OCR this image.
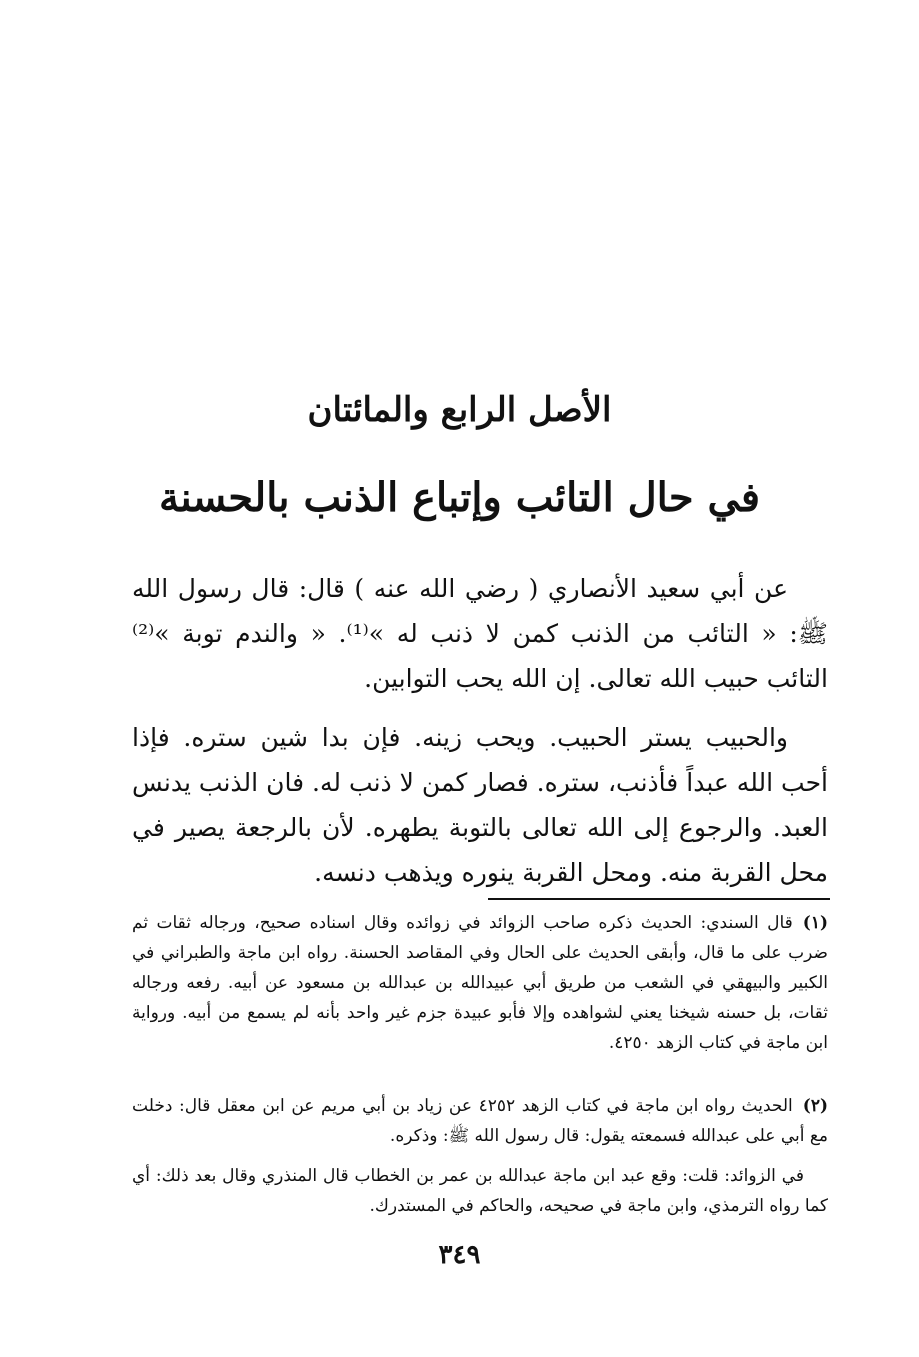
الأصل الرابع والمائتان
في حال التائب وإتباع الذنب بالحسنة

عن أبي سعيد الأنصاري ( رضي الله عنه ) قال: قال رسول الله ﷺ: « التائب من الذنب كمن لا ذنب له »⁽¹⁾. « والندم توبة »⁽²⁾ التائب حبيب الله تعالى. إن الله يحب التوابين.

والحبيب يستر الحبيب. ويحب زينه. فإن بدا شين ستره. فإذا أحب الله عبداً فأذنب، ستره. فصار كمن لا ذنب له. فان الذنب يدنس العبد. والرجوع إلى الله تعالى بالتوبة يطهره. لأن بالرجعة يصير في محل القربة منه. ومحل القربة ينوره ويذهب دنسه.

(١)قال السندي: الحديث ذكره صاحب الزوائد في زوائده وقال اسناده صحيح، ورجاله ثقات ثم ضرب على ما قال، وأبقى الحديث على الحال وفي المقاصد الحسنة. رواه ابن ماجة والطبراني في الكبير والبيهقي في الشعب من طريق أبي عبيدالله بن عبدالله بن مسعود عن أبيه. رفعه ورجاله ثقات، بل حسنه شيخنا يعني لشواهده وإلا فأبو عبيدة جزم غير واحد بأنه لم يسمع من أبيه. ورواية ابن ماجة في كتاب الزهد ٤٢٥٠.

(٢)الحديث رواه ابن ماجة في كتاب الزهد ٤٢٥٢ عن زياد بن أبي مريم عن ابن معقل قال: دخلت مع أبي على عبدالله فسمعته يقول: قال رسول الله ﷺ: وذكره.

في الزوائد: قلت: وقع عبد ابن ماجة عبدالله بن عمر بن الخطاب قال المنذري وقال بعد ذلك: أي كما رواه الترمذي، وابن ماجة في صحيحه، والحاكم في المستدرك.

٣٤٩
